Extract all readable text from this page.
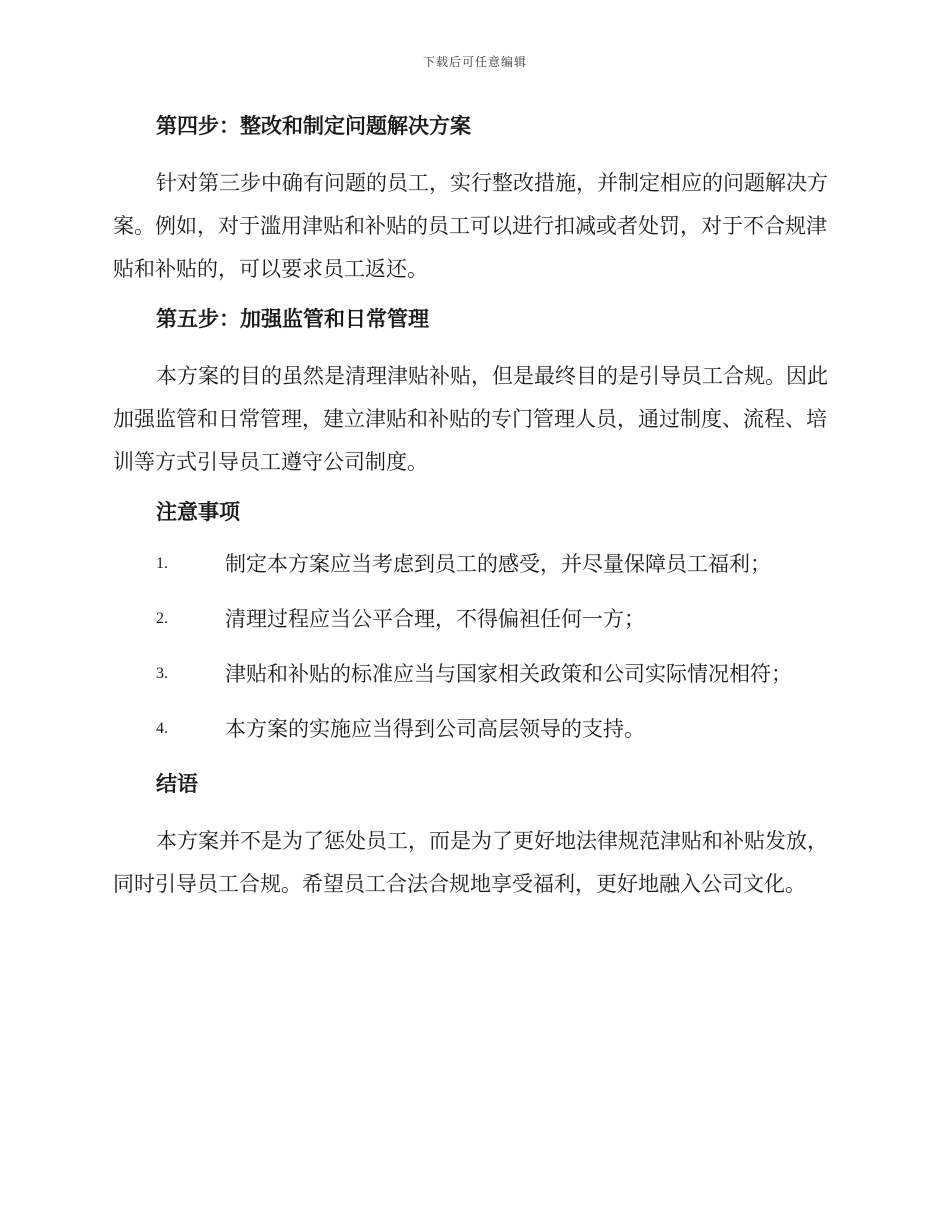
下载后可任意编辑
第四步：整改和制定问题解决方案
针对第三步中确有问题的员工，实行整改措施，并制定相应的问题解决方案。例如，对于滥用津贴和补贴的员工可以进行扣减或者处罚，对于不合规津贴和补贴的，可以要求员工返还。
第五步：加强监管和日常管理
本方案的目的虽然是清理津贴补贴，但是最终目的是引导员工合规。因此加强监管和日常管理，建立津贴和补贴的专门管理人员，通过制度、流程、培训等方式引导员工遵守公司制度。
注意事项
1.	制定本方案应当考虑到员工的感受，并尽量保障员工福利；
2.	清理过程应当公平合理，不得偏袒任何一方；
3.	津贴和补贴的标准应当与国家相关政策和公司实际情况相符；
4.	本方案的实施应当得到公司高层领导的支持。
结语
本方案并不是为了惩处员工，而是为了更好地法律规范津贴和补贴发放，同时引导员工合规。希望员工合法合规地享受福利，更好地融入公司文化。
